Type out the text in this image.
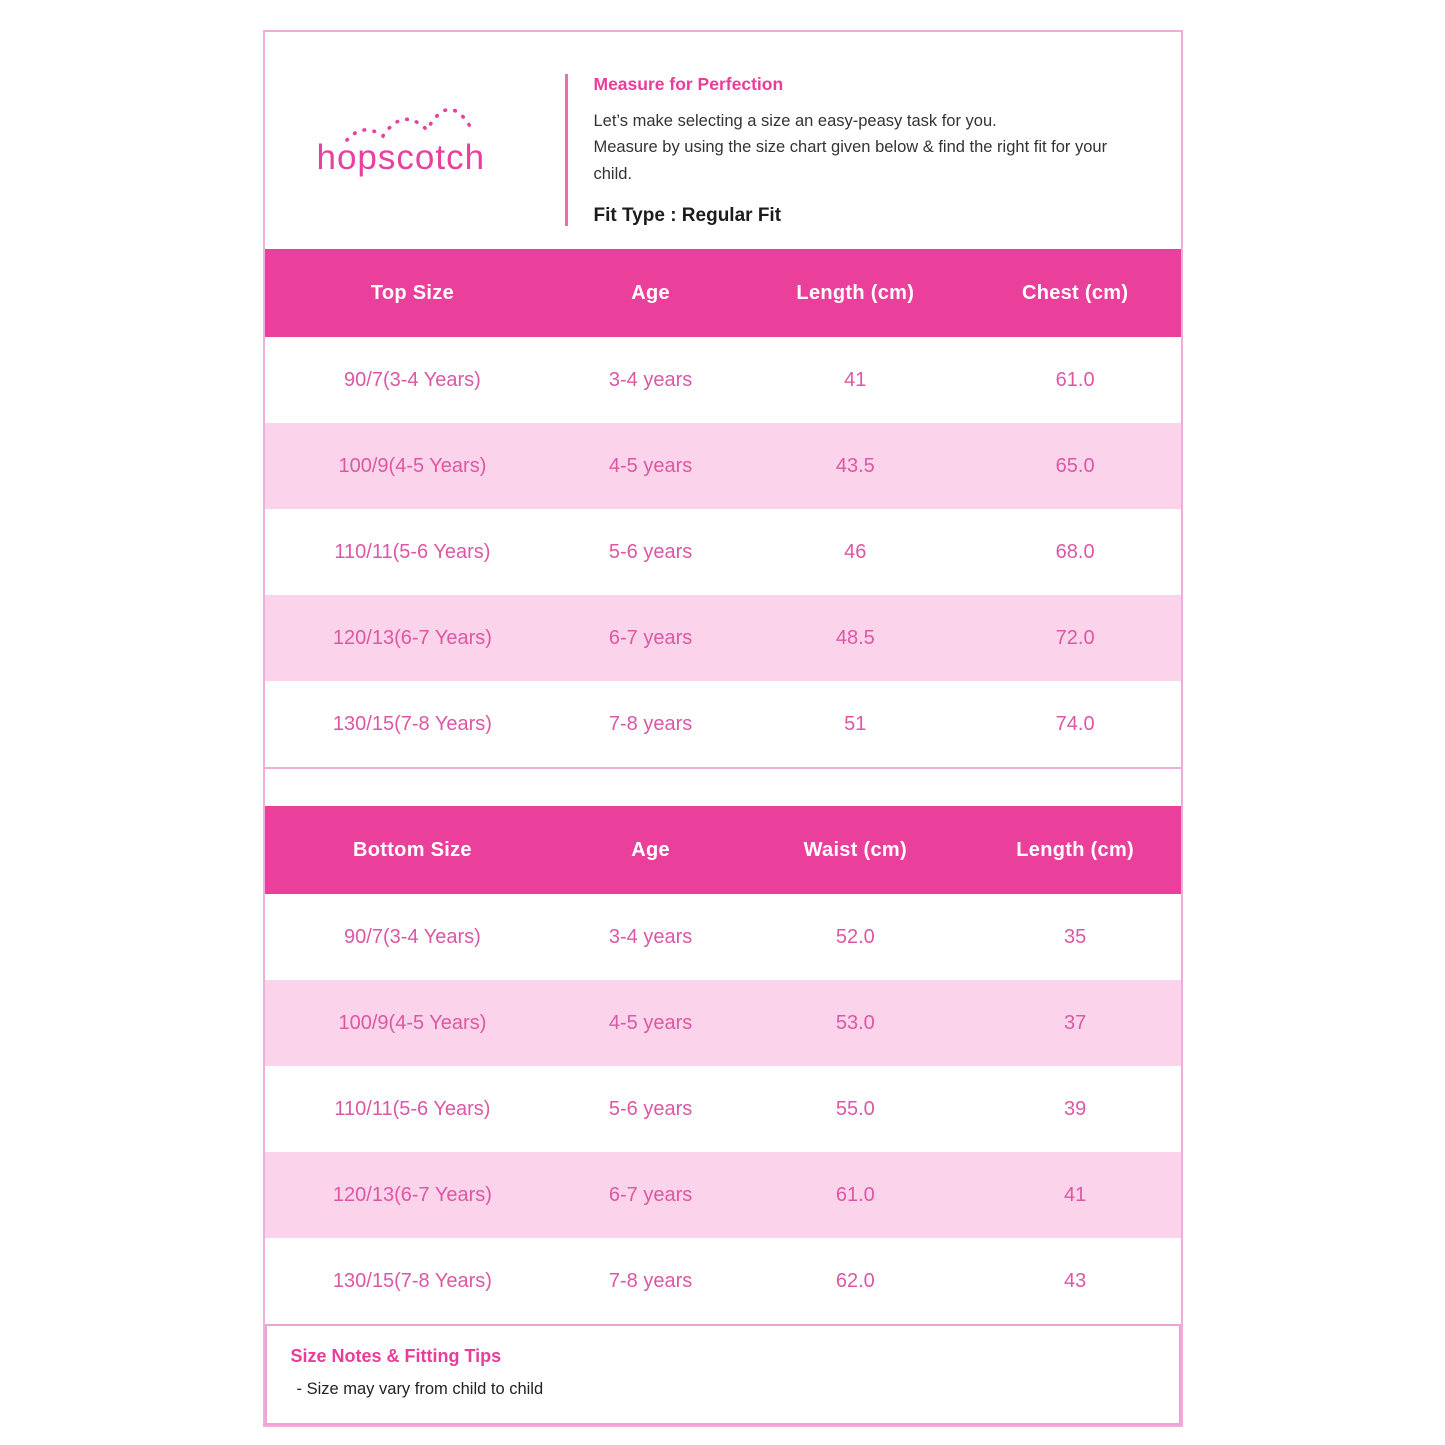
hopscotch
Measure for Perfection
Let’s make selecting a size an easy-peasy task for you.
Measure by using the size chart given below & find the right fit for your child.
Fit Type : Regular Fit
Top Size	Age	Length (cm)	Chest (cm)
90/7(3-4 Years)	3-4 years	41	61.0
100/9(4-5 Years)	4-5 years	43.5	65.0
110/11(5-6 Years)	5-6 years	46	68.0
120/13(6-7 Years)	6-7 years	48.5	72.0
130/15(7-8 Years)	7-8 years	51	74.0
Bottom Size	Age	Waist (cm)	Length (cm)
90/7(3-4 Years)	3-4 years	52.0	35
100/9(4-5 Years)	4-5 years	53.0	37
110/11(5-6 Years)	5-6 years	55.0	39
120/13(6-7 Years)	6-7 years	61.0	41
130/15(7-8 Years)	7-8 years	62.0	43
Size Notes & Fitting Tips
- Size may vary from child to child
